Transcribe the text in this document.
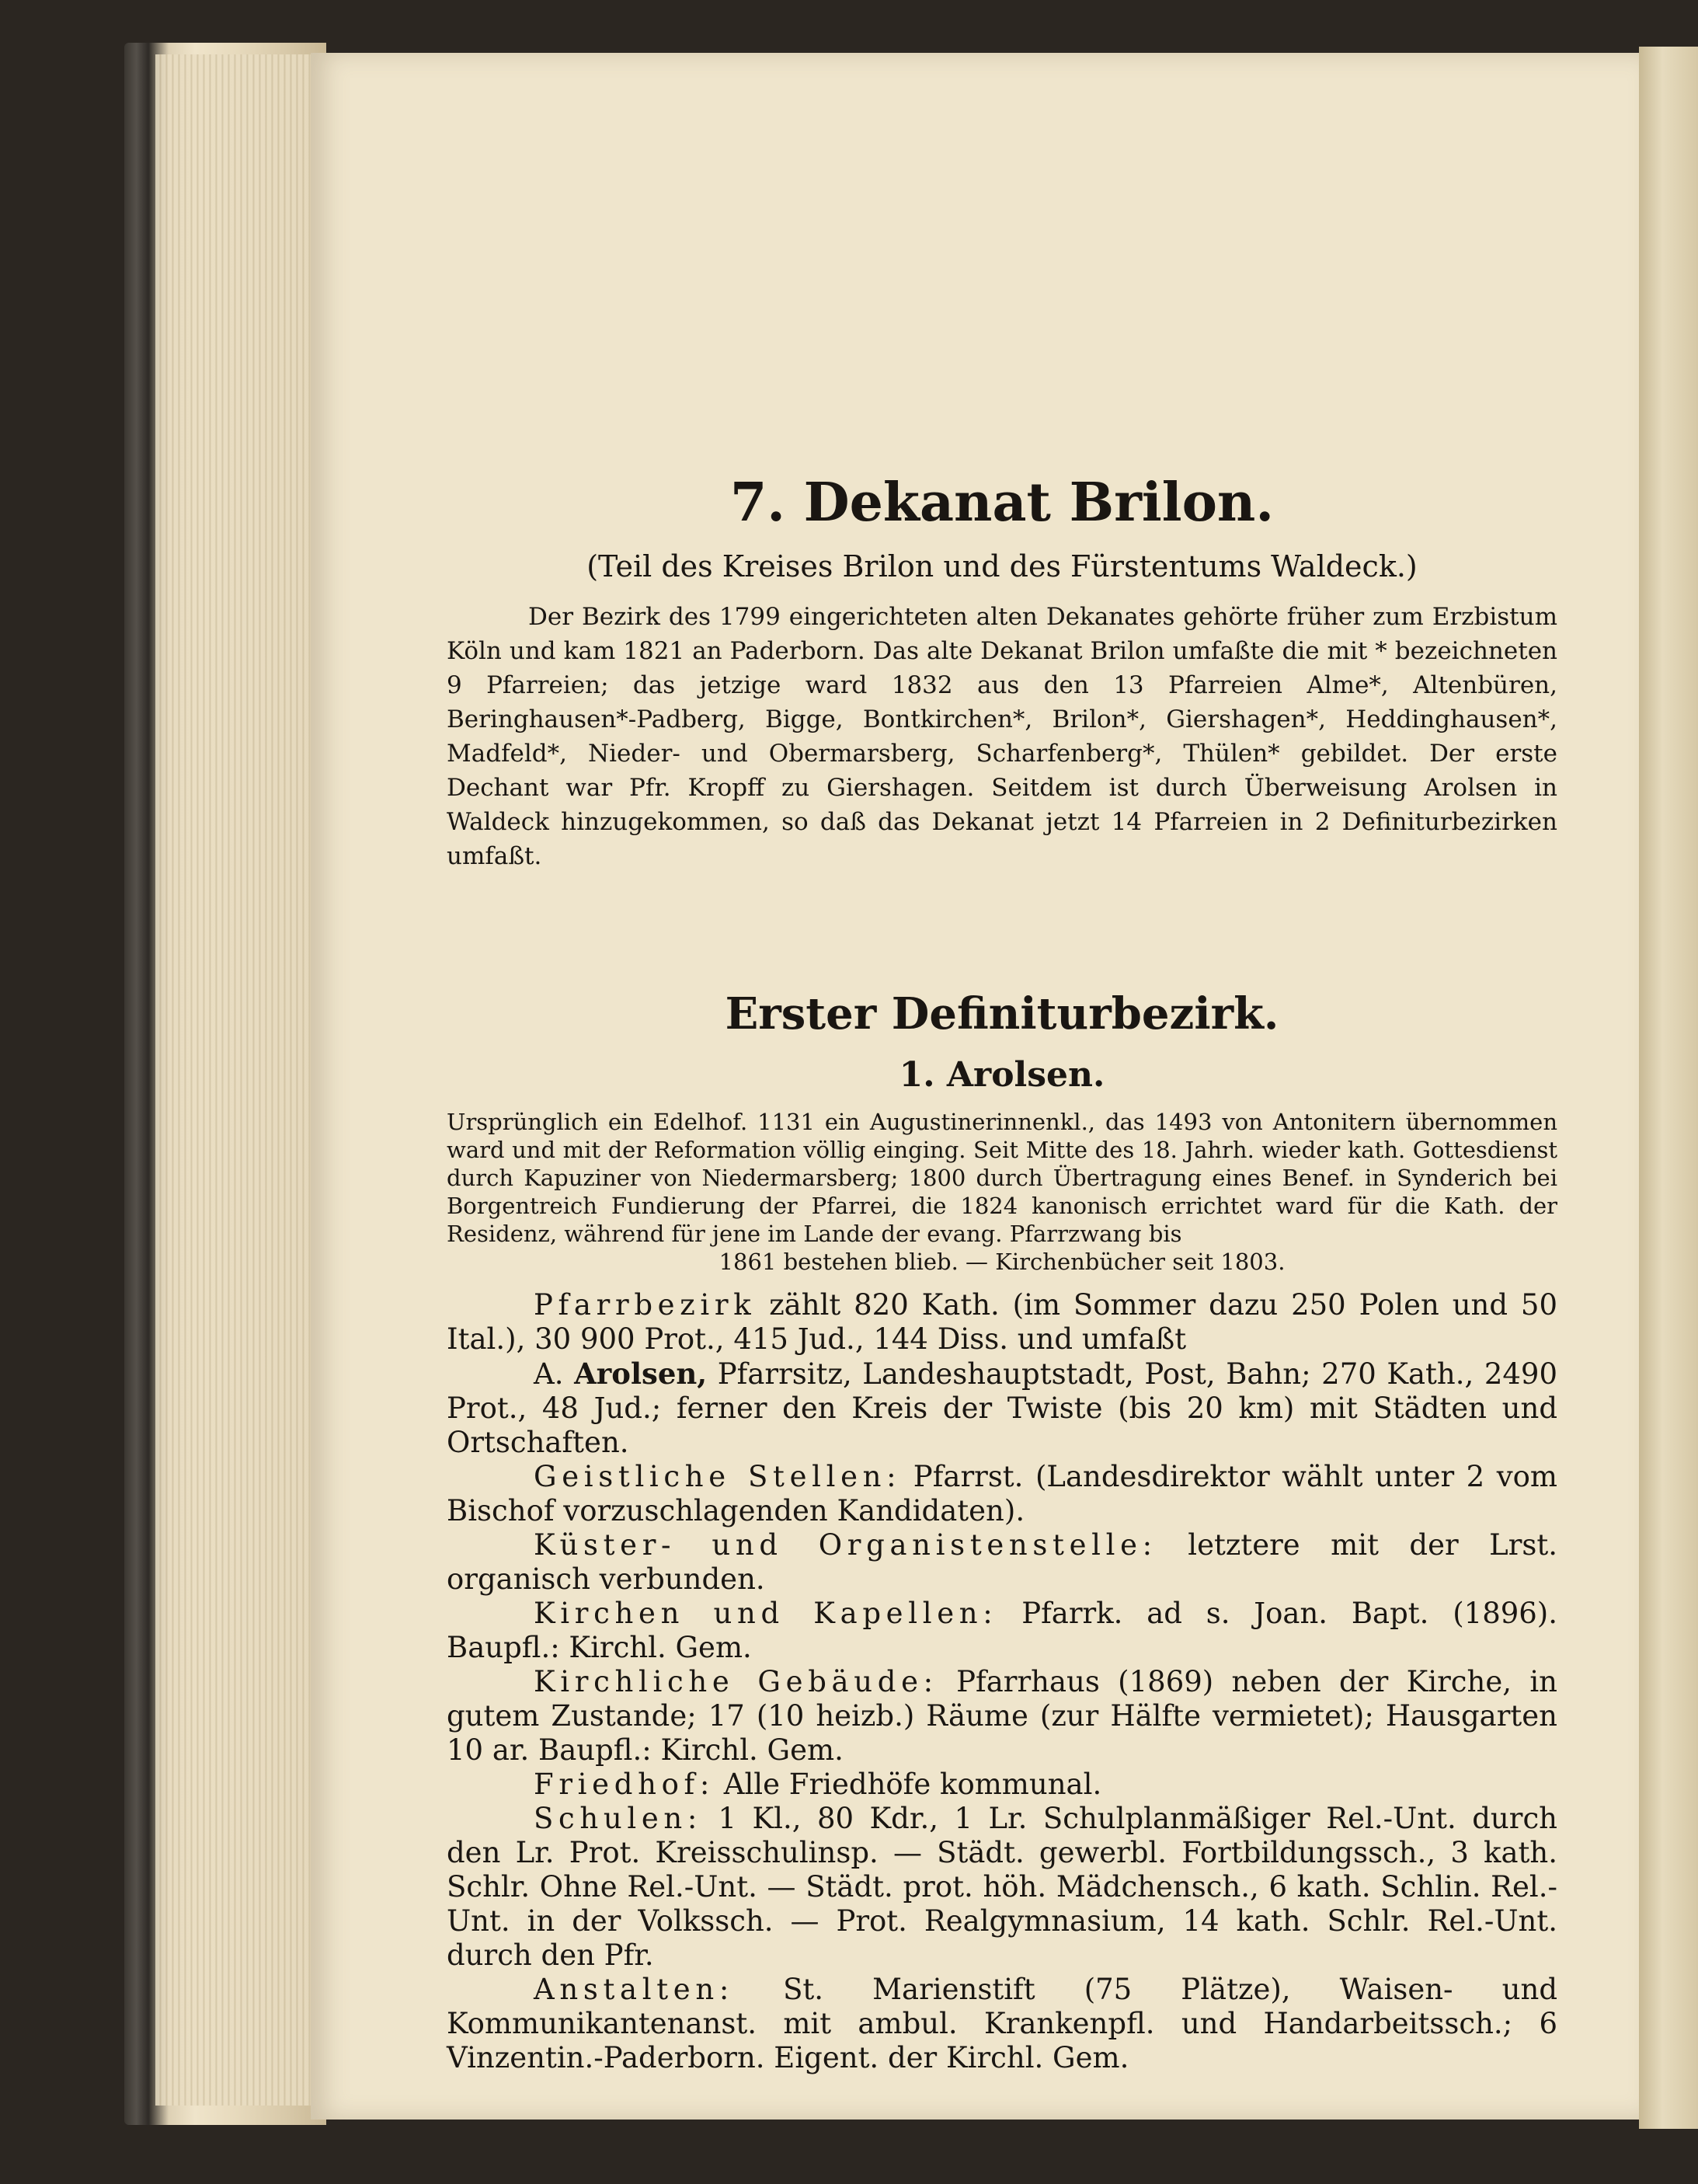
7. Dekanat Brilon.
(Teil des Kreises Brilon und des Fürstentums Waldeck.)

Der Bezirk des 1799 eingerichteten alten Dekanates gehörte früher zum Erzbistum Köln und kam 1821 an Paderborn. Das alte Dekanat Brilon umfaßte die mit * bezeichneten 9 Pfarreien; das jetzige ward 1832 aus den 13 Pfarreien Alme*, Altenbüren, Beringhausen*-Padberg, Bigge, Bontkirchen*, Brilon*, Giershagen*, Heddinghausen*, Madfeld*, Nieder- und Obermarsberg, Scharfenberg*, Thülen* gebildet. Der erste Dechant war Pfr. Kropff zu Giershagen. Seitdem ist durch Überweisung Arolsen in Waldeck hinzugekommen, so daß das Dekanat jetzt 14 Pfarreien in 2 Definiturbezirken umfaßt.

Erster Definiturbezirk.
1. Arolsen.

Ursprünglich ein Edelhof. 1131 ein Augustinerinnenkl., das 1493 von Antonitern übernommen ward und mit der Reformation völlig einging. Seit Mitte des 18. Jahrh. wieder kath. Gottesdienst durch Kapuziner von Niedermarsberg; 1800 durch Übertragung eines Benef. in Synderich bei Borgentreich Fundierung der Pfarrei, die 1824 kanonisch errichtet ward für die Kath. der Residenz, während für jene im Lande der evang. Pfarrzwang bis

1861 bestehen blieb. — Kirchenbücher seit 1803.

Pfarrbezirk zählt 820 Kath. (im Sommer dazu 250 Polen und 50 Ital.), 30 900 Prot., 415 Jud., 144 Diss. und umfaßt

A. Arolsen, Pfarrsitz, Landeshauptstadt, Post, Bahn; 270 Kath., 2490 Prot., 48 Jud.; ferner den Kreis der Twiste (bis 20 km) mit Städten und Ortschaften.

Geistliche Stellen: Pfarrst. (Landesdirektor wählt unter 2 vom Bischof vorzuschlagenden Kandidaten).

Küster- und Organistenstelle: letztere mit der Lrst. organisch verbunden.

Kirchen und Kapellen: Pfarrk. ad s. Joan. Bapt. (1896). Baupfl.: Kirchl. Gem.

Kirchliche Gebäude: Pfarrhaus (1869) neben der Kirche, in gutem Zustande; 17 (10 heizb.) Räume (zur Hälfte vermietet); Hausgarten 10 ar. Baupfl.: Kirchl. Gem.

Friedhof: Alle Friedhöfe kommunal.

Schulen: 1 Kl., 80 Kdr., 1 Lr. Schulplanmäßiger Rel.-Unt. durch den Lr. Prot. Kreisschulinsp. — Städt. gewerbl. Fortbildungssch., 3 kath. Schlr. Ohne Rel.-Unt. — Städt. prot. höh. Mädchensch., 6 kath. Schlin. Rel.-Unt. in der Volkssch. — Prot. Realgymnasium, 14 kath. Schlr. Rel.-Unt. durch den Pfr.

Anstalten: St. Marienstift (75 Plätze), Waisen- und Kommunikantenanst. mit ambul. Krankenpfl. und Handarbeitssch.; 6 Vinzentin.-Paderborn. Eigent. der Kirchl. Gem.
